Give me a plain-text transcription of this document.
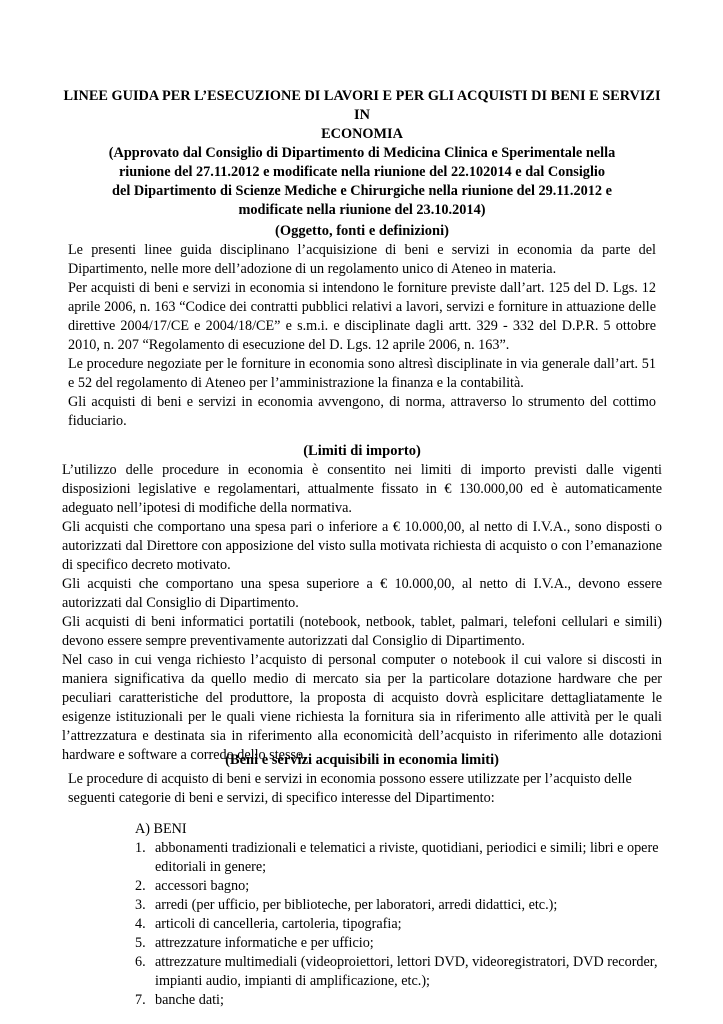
LINEE GUIDA PER L’ESECUZIONE DI LAVORI E PER GLI ACQUISTI DI BENI E SERVIZI IN
ECONOMIA
(Approvato dal Consiglio di Dipartimento di Medicina Clinica e Sperimentale nella
riunione del 27.11.2012 e modificate nella riunione del 22.102014 e dal Consiglio
del Dipartimento di Scienze Mediche e Chirurgiche nella riunione del 29.11.2012 e
modificate nella riunione del 23.10.2014)

(Oggetto, fonti e definizioni)

Le presenti linee guida disciplinano l’acquisizione di beni e servizi in economia da parte del Dipartimento, nelle more dell’adozione di un regolamento unico di Ateneo in materia.

Per acquisti di beni e servizi in economia si intendono le forniture previste dall’art. 125 del D. Lgs. 12 aprile 2006, n. 163 “Codice dei contratti pubblici relativi a lavori, servizi e forniture in attuazione delle direttive 2004/17/CE e 2004/18/CE” e s.m.i. e disciplinate dagli artt. 329 - 332 del D.P.R. 5 ottobre 2010, n. 207 “Regolamento di esecuzione del D. Lgs. 12 aprile 2006, n. 163”.

Le procedure negoziate per le forniture in economia sono altresì disciplinate in via generale dall’art. 51 e 52 del regolamento di Ateneo per l’amministrazione la finanza e la contabilità.

Gli acquisti di beni e servizi in economia avvengono, di norma, attraverso lo strumento del cottimo fiduciario.

(Limiti di importo)

L’utilizzo delle procedure in economia è consentito nei limiti di importo previsti dalle vigenti disposizioni legislative e regolamentari, attualmente fissato in € 130.000,00 ed è automaticamente adeguato nell’ipotesi di modifiche della normativa.

Gli acquisti che comportano una spesa pari o inferiore a € 10.000,00, al netto di I.V.A., sono disposti o autorizzati dal Direttore con apposizione del visto sulla motivata richiesta di acquisto o con l’emanazione di specifico decreto motivato.

Gli acquisti che comportano una spesa superiore a € 10.000,00, al netto di I.V.A., devono essere autorizzati dal Consiglio di Dipartimento.

Gli acquisti di beni informatici portatili (notebook, netbook, tablet, palmari, telefoni cellulari e simili) devono essere sempre preventivamente autorizzati dal Consiglio di Dipartimento.

Nel caso in cui venga richiesto l’acquisto di personal computer o notebook il cui valore si discosti in maniera significativa da quello medio di mercato sia per la particolare dotazione hardware che per peculiari caratteristiche del produttore, la proposta di acquisto dovrà esplicitare dettagliatamente le esigenze istituzionali per le quali viene richiesta la fornitura sia in riferimento alle attività per le quali l’attrezzatura e destinata sia in riferimento alla economicità dell’acquisto in riferimento alle dotazioni hardware e software a corredo dello stesso.

(Beni e servizi acquisibili in economia limiti)

Le procedure di acquisto di beni e servizi in economia possono essere utilizzate per l’acquisto delle seguenti categorie di beni e servizi, di specifico interesse del Dipartimento:

A) BENI

1. abbonamenti tradizionali e telematici a riviste, quotidiani, periodici e simili; libri e opere editoriali in genere;
2. accessori bagno;
3. arredi (per ufficio, per biblioteche, per laboratori, arredi didattici, etc.);
4. articoli di cancelleria, cartoleria, tipografia;
5. attrezzature informatiche e per ufficio;
6. attrezzature multimediali (videoproiettori, lettori DVD, videoregistratori, DVD recorder, impianti audio, impianti di amplificazione, etc.);
7. banche dati;
